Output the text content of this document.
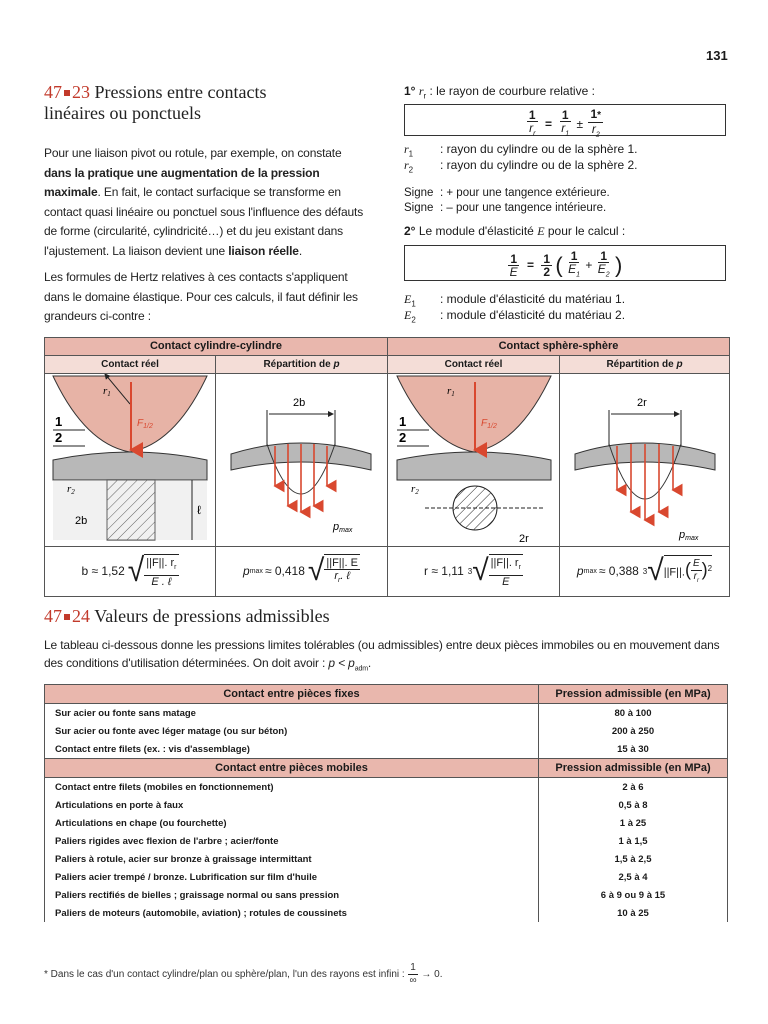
131
47 23 Pressions entre contacts
linéaires ou ponctuels
Pour une liaison pivot ou rotule, par exemple, on constate dans la pratique une augmentation de la pression maximale. En fait, le contact surfacique se transforme en contact quasi linéaire ou ponctuel sous l'influence des défauts de forme (circularité, cylindricité…) et du jeu existant dans l'ajustement. La liaison devient une liaison réelle.
Les formules de Hertz relatives à ces contacts s'appliquent dans le domaine élastique. Pour ces calculs, il faut définir les grandeurs ci-contre :
1° $r_r$ : le rayon de courbure relative :
$\frac{1}{r_r} = \frac{1}{r_1} \pm \frac{1*}{r_2}$
$r_1$ : rayon du cylindre ou de la sphère 1.
$r_2$ : rayon du cylindre ou de la sphère 2.
Signe : + pour une tangence extérieure.
Signe : – pour une tangence intérieure.
2° Le module d'élasticité E pour le calcul :
$\frac{1}{E} = \frac{1}{2}$ ( $\frac{1}{E_1} + \frac{1}{E_2}$ )
$E_1$ : module d'élasticité du matériau 1.
$E_2$ : module d'élasticité du matériau 2.
Contact cylindre-cylindre	Contact sphère-sphère
Contact réel	Répartition de p	Contact réel	Répartition de p
r1
$F_{1/2}$
1
2
r2
2b
ℓ
2b
pmax
r1
$F_{1/2}$
1
2
r2
2r
2r
pmax
b ≈ 1,52 √ $\frac{||F||. r_r}{\text{E . ℓ}}$	p max ≈ 0,418 √ $\frac{||F||. E}{r_r. \ell}$	r ≈ 1,11 3 √ $\frac{||F||. r_r}{E}$	p max ≈ 0,388 3 √ $||F||.( \frac{E}{r_r} )^2$
47 24 Valeurs de pressions admissibles
Le tableau ci-dessous donne les pressions limites tolérables (ou admissibles) entre deux pièces immobiles ou en mouvement dans des conditions d'utilisation déterminées. On doit avoir : $p < p_{adm}$.
Contact entre pièces fixes	Pression admissible (en MPa)
Sur acier ou fonte sans matage	80 à 100
Sur acier ou fonte avec léger matage (ou sur béton)	200 à 250
Contact entre filets (ex. : vis d'assemblage)	15 à 30
Contact entre pièces mobiles	Pression admissible (en MPa)
Contact entre filets (mobiles en fonctionnement)	2 à 6
Articulations en porte à faux	0,5 à 8
Articulations en chape (ou fourchette)	1 à 25
Paliers rigides avec flexion de l'arbre ; acier/fonte	1 à 1,5
Paliers à rotule, acier sur bronze à graissage intermittant	1,5 à 2,5
Paliers acier trempé / bronze. Lubrification sur film d'huile	2,5 à 4
Paliers rectifiés de bielles ; graissage normal ou sans pression	6 à 9 ou 9 à 15
Paliers de moteurs (automobile, aviation) ; rotules de coussinets	10 à 25
* Dans le cas d'un contact cylindre/plan ou sphère/plan, l'un des rayons est infini : $\frac{1}{\infty} \to 0$.
